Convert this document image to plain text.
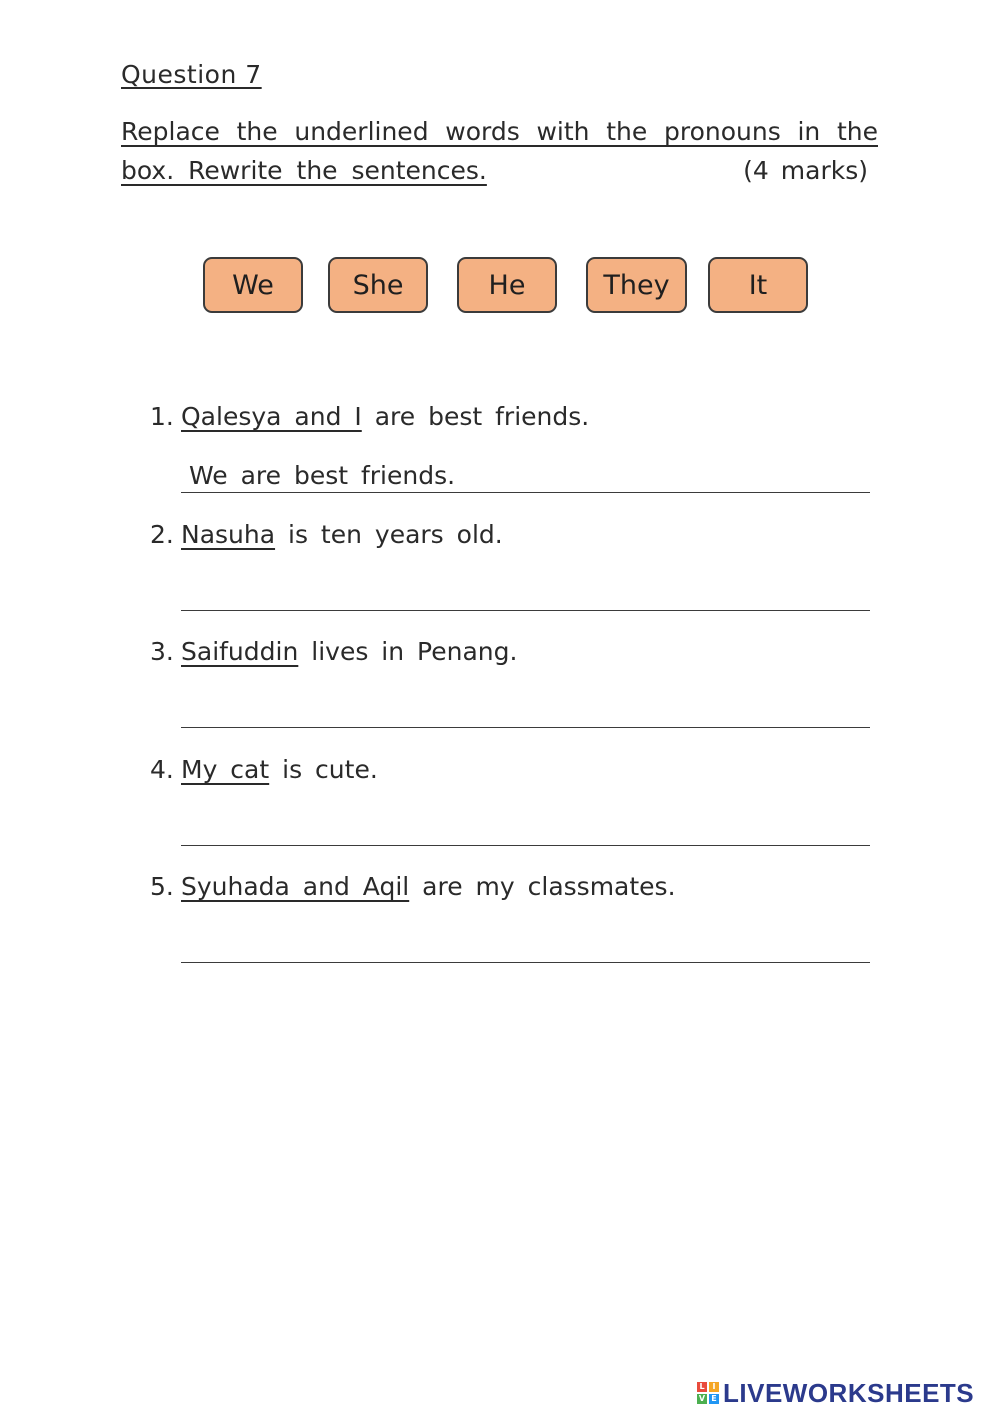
Question 7
Replace the underlined words with the pronouns in the
box. Rewrite the sentences.	(4 marks)
We	She	He	They	It
1. Qalesya and I are best friends.
We are best friends.
2. Nasuha is ten years old.
3. Saifuddin lives in Penang.
4. My cat is cute.
5. Syuhada and Aqil are my classmates.
L I
V E LIVEWORKSHEETS
